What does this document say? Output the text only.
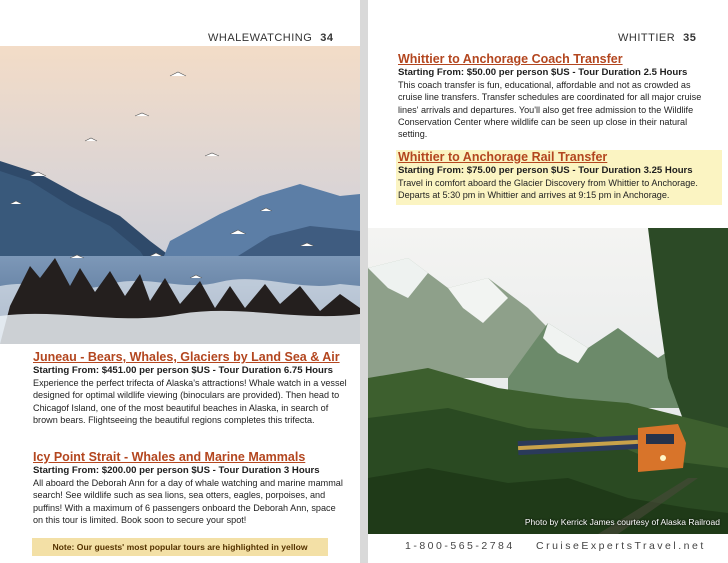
WHALEWATCHING 34
Juneau - Bears, Whales, Glaciers by Land Sea & Air
Starting From: $451.00 per person $US - Tour Duration 6.75 Hours
Experience the perfect trifecta of Alaska's attractions! Whale watch in a vessel designed for optimal wildlife viewing (binoculars are provided). Then head to Chicagof Island, one of the most beautiful beaches in Alaska, in search of brown bears. Flightseeing the beautiful regions completes this trifecta.
Icy Point Strait - Whales and Marine Mammals
Starting From: $200.00 per person $US - Tour Duration 3 Hours
All aboard the Deborah Ann for a day of whale watching and marine mammal search! See wildlife such as sea lions, sea otters, eagles, porpoises, and puffins! With a maximum of 6 passengers onboard the Deborah Ann, space on this tour is limited. Book soon to secure your spot!
Note: Our guests' most popular tours are highlighted in yellow
WHITTIER 35
Whittier to Anchorage Coach Transfer
Starting From: $50.00 per person $US - Tour Duration 2.5 Hours
This coach transfer is fun, educational, affordable and not as crowded as cruise line transfers. Transfer schedules are coordinated for all major cruise lines' arrivals and departures. You'll also get free admission to the Wildlife Conservation Center where wildlife can be seen up close in their natural setting.
Whittier to Anchorage Rail Transfer
Starting From: $75.00 per person $US - Tour Duration 3.25 Hours
Travel in comfort aboard the Glacier Discovery from Whittier to Anchorage. Departs at 5:30 pm in Whittier and arrives at 9:15 pm in Anchorage.
Photo by Kerrick James courtesy of Alaska Railroad
1-800-565-2784 CruiseExpertsTravel.net
